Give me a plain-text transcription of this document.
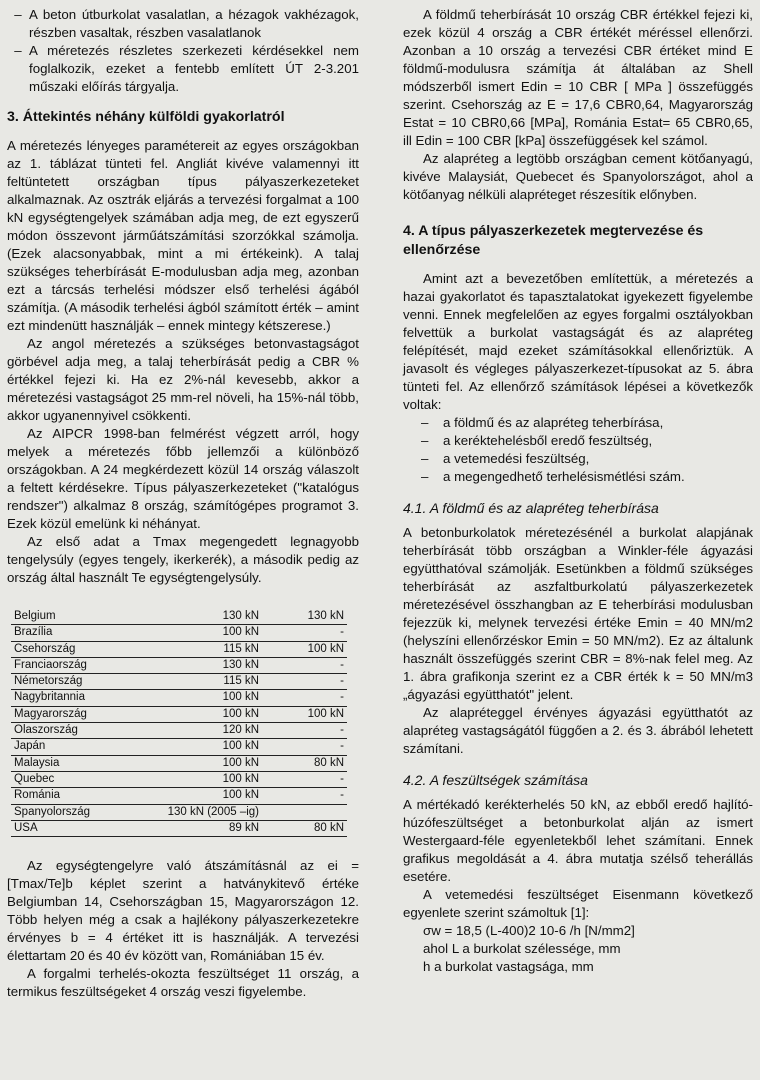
– A beton útburkolat vasalatlan, a hézagok vakhézagok, részben vasaltak, részben vasalatlanok
– A méretezés részletes szerkezeti kérdésekkel nem foglalkozik, ezeket a fentebb említett ÚT 2-3.201 műszaki előírás tárgyalja.
3. Áttekintés néhány külföldi gyakorlatról

A méretezés lényeges paramétereit az egyes országokban az 1. táblázat tünteti fel. Angliát kivéve valamennyi itt feltüntetett országban típus pályaszerkezeteket alkalmaznak. Az osztrák eljárás a tervezési forgalmat a 100 kN egységtengelyek számában adja meg, de ezt egyszerű módon összevont járműátszámítási szorzókkal számolja. (Ezek alacsonyabbak, mint a mi értékeink). A talaj szükséges teherbírását E-modulusban adja meg, azonban ezt a tárcsás terhelési módszer első terhelési ágából számítja. (A második terhelési ágból számított érték – amint ezt mindenütt használják – ennek mintegy kétszerese.)

Az angol méretezés a szükséges betonvastagságot görbével adja meg, a talaj teherbírását pedig a CBR % értékkel fejezi ki. Ha ez 2%-nál kevesebb, akkor a méretezési vastagságot 25 mm-rel növeli, ha 15%-nál több, akkor ugyanennyivel csökkenti.

Az AIPCR 1998-ban felmérést végzett arról, hogy melyek a méretezés főbb jellemzői a különböző országokban. A 24 megkérdezett közül 14 ország válaszolt a feltett kérdésekre. Típus pályaszerkezeteket ("katalógus rendszer") alkalmaz 8 ország, számítógépes programot 3. Ezek közül emelünk ki néhányat.

Az első adat a Tmax megengedett legnagyobb tengelysúly (egyes tengely, ikerkerék), a második pedig az ország által használt Te egységtengelysúly.

Belgium	130 kN	130 kN
Brazília	100 kN	-
Csehország	115 kN	100 kN
Franciaország	130 kN	-
Németország	115 kN	-
Nagybritannia	100 kN	-
Magyarország	100 kN	100 kN
Olaszország	120 kN	-
Japán	100 kN	-
Malaysia	100 kN	80 kN
Quebec	100 kN	-
Románia	100 kN	-
Spanyolország	130 kN (2005 –ig)	
USA	89 kN	80 kN

Az egységtengelyre való átszámításnál az ei = [Tmax/Te]b képlet szerint a hatványkitevő értéke Belgiumban 14, Csehországban 15, Magyarországon 12. Több helyen még a csak a hajlékony pályaszerkezetekre érvényes b = 4 értéket itt is használják. A tervezési élettartam 20 és 40 év között van, Romániában 15 év.

A forgalmi terhelés-okozta feszültséget 11 ország, a termikus feszültségeket 4 ország veszi figyelembe.

A földmű teherbírását 10 ország CBR értékkel fejezi ki, ezek közül 4 ország a CBR értékét méréssel ellenőrzi. Azonban a 10 ország a tervezési CBR értéket mind E földmű-modulusra számítja át általában az Shell módszerből ismert Edin = 10 CBR [ MPa ] összefüggés szerint. Csehország az E = 17,6 CBR0,64, Magyarország Estat = 10 CBR0,66 [MPa], Románia Estat= 65 CBR0,65, ill Edin = 100 CBR [kPa] összefüggések kel számol.

Az alapréteg a legtöbb országban cement kötőanyagú, kivéve Malaysiát, Quebecet és Spanyolországot, ahol a kötőanyag nélküli alapréteget részesítik előnyben.

4. A típus pályaszerkezetek megtervezése és ellenőrzése

Amint azt a bevezetőben említettük, a méretezés a hazai gyakorlatot és tapasztalatokat igyekezett figyelembe venni. Ennek megfelelően az egyes forgalmi osztályokban felvettük a burkolat vastagságát és az alapréteg felépítését, majd ezeket számításokkal ellenőriztük. A javasolt és végleges pályaszerkezet-típusokat az 5. ábra tünteti fel. Az ellenőrző számítások lépései a következők voltak:

–	a földmű és az alapréteg teherbírása,
–	a keréktehelésből eredő feszültség,
–	a vetemedési feszültség,
–	a megengedhető terhelésismétlési szám.
4.1. A földmű és az alapréteg teherbírása

A betonburkolatok méretezésénél a burkolat alapjának teherbírását több országban a Winkler-féle ágyazási együtthatóval számolják. Esetünkben a földmű szükséges teherbírását az aszfaltburkolatú pályaszerkezetek méretezésével összhangban az E teherbírási modulusban fejezzük ki, melynek tervezési értéke Emin = 40 MN/m2 (helyszíni ellenőrzéskor Emin = 50 MN/m2). Ez az általunk használt összefüggés szerint CBR = 8%-nak felel meg. Az 1. ábra grafikonja szerint ez a CBR érték k = 50 MN/m3 „ágyazási együtthatót" jelent.

Az alapréteggel érvényes ágyazási együtthatót az alapréteg vastagságától függően a 2. és 3. ábrából lehetett számítani.

4.2. A feszültségek számítása

A mértékadó kerékterhelés 50 kN, az ebből eredő hajlító-húzófeszültséget a betonburkolat alján az ismert Westergaard-féle egyenletekből lehet számítani. Ennek grafikus megoldását a 4. ábra mutatja szélső teherállás esetére.

A vetemedési feszültséget Eisenmann következő egyenlete szerint számoltuk [1]:

σw = 18,5 (L-400)2 10-6 /h [N/mm2]

ahol L a burkolat szélessége, mm

h a burkolat vastagsága, mm
